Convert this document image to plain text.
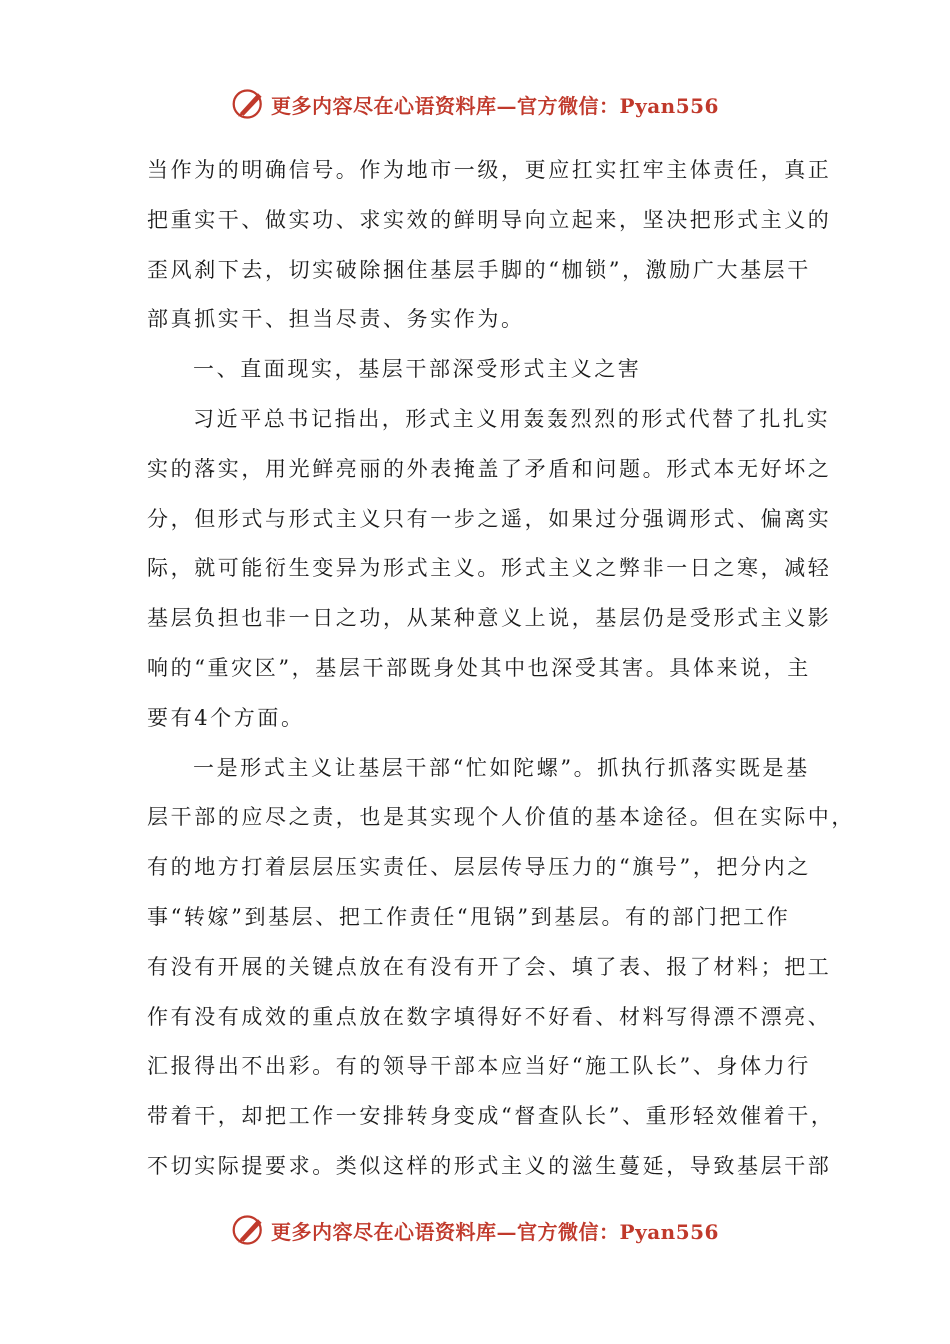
更多内容尽在心语资料库—官方微信：Pyan556
当作为的明确信号。作为地市一级，更应扛实扛牢主体责任，真正
把重实干、做实功、求实效的鲜明导向立起来，坚决把形式主义的
歪风刹下去，切实破除捆住基层手脚的“枷锁”，激励广大基层干
部真抓实干、担当尽责、务实作为。
一、直面现实，基层干部深受形式主义之害
习近平总书记指出，形式主义用轰轰烈烈的形式代替了扎扎实
实的落实，用光鲜亮丽的外表掩盖了矛盾和问题。形式本无好坏之
分，但形式与形式主义只有一步之遥，如果过分强调形式、偏离实
际，就可能衍生变异为形式主义。形式主义之弊非一日之寒，减轻
基层负担也非一日之功，从某种意义上说，基层仍是受形式主义影
响的“重灾区”，基层干部既身处其中也深受其害。具体来说，主
要有4个方面。
一是形式主义让基层干部“忙如陀螺”。抓执行抓落实既是基
层干部的应尽之责，也是其实现个人价值的基本途径。但在实际中，
有的地方打着层层压实责任、层层传导压力的“旗号”，把分内之
事“转嫁”到基层、把工作责任“甩锅”到基层。有的部门把工作
有没有开展的关键点放在有没有开了会、填了表、报了材料；把工
作有没有成效的重点放在数字填得好不好看、材料写得漂不漂亮、
汇报得出不出彩。有的领导干部本应当好“施工队长”、身体力行
带着干，却把工作一安排转身变成“督查队长”、重形轻效催着干，
不切实际提要求。类似这样的形式主义的滋生蔓延，导致基层干部
更多内容尽在心语资料库—官方微信：Pyan556
